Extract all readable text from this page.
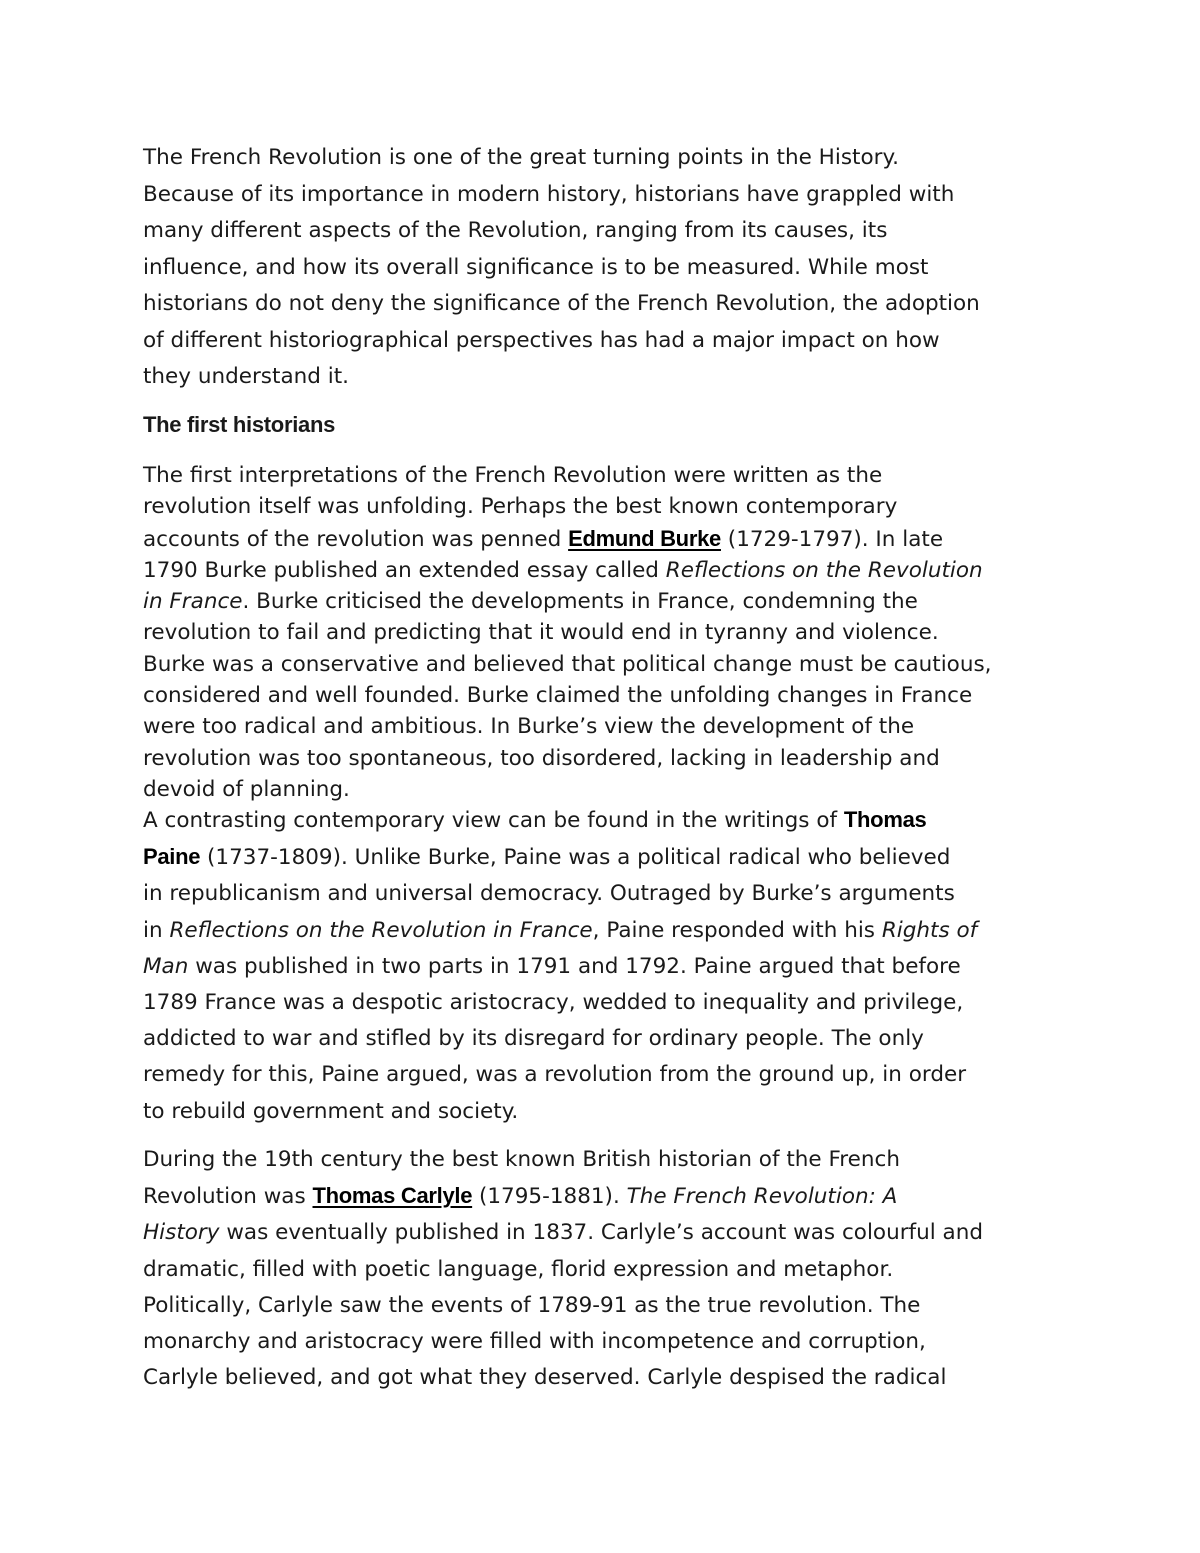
The French Revolution is one of the great turning points in the History.
Because of its importance in modern history, historians have grappled with
many different aspects of the Revolution, ranging from its causes, its
influence, and how its overall significance is to be measured. While most
historians do not deny the significance of the French Revolution, the adoption
of different historiographical perspectives has had a major impact on how
they understand it.

The first historians

The first interpretations of the French Revolution were written as the
revolution itself was unfolding. Perhaps the best known contemporary
accounts of the revolution was penned Edmund Burke (1729-1797). In late
1790 Burke published an extended essay called Reflections on the Revolution
in France. Burke criticised the developments in France, condemning the
revolution to fail and predicting that it would end in tyranny and violence.
Burke was a conservative and believed that political change must be cautious,
considered and well founded. Burke claimed the unfolding changes in France
were too radical and ambitious. In Burke’s view the development of the
revolution was too spontaneous, too disordered, lacking in leadership and
devoid of planning.

A contrasting contemporary view can be found in the writings of Thomas
Paine (1737-1809). Unlike Burke, Paine was a political radical who believed
in republicanism and universal democracy. Outraged by Burke’s arguments
in Reflections on the Revolution in France, Paine responded with his Rights of
Man was published in two parts in 1791 and 1792. Paine argued that before
1789 France was a despotic aristocracy, wedded to inequality and privilege,
addicted to war and stifled by its disregard for ordinary people. The only
remedy for this, Paine argued, was a revolution from the ground up, in order
to rebuild government and society.

During the 19th century the best known British historian of the French
Revolution was Thomas Carlyle (1795-1881). The French Revolution: A
History was eventually published in 1837. Carlyle’s account was colourful and
dramatic, filled with poetic language, florid expression and metaphor.
Politically, Carlyle saw the events of 1789-91 as the true revolution. The
monarchy and aristocracy were filled with incompetence and corruption,
Carlyle believed, and got what they deserved. Carlyle despised the radical
